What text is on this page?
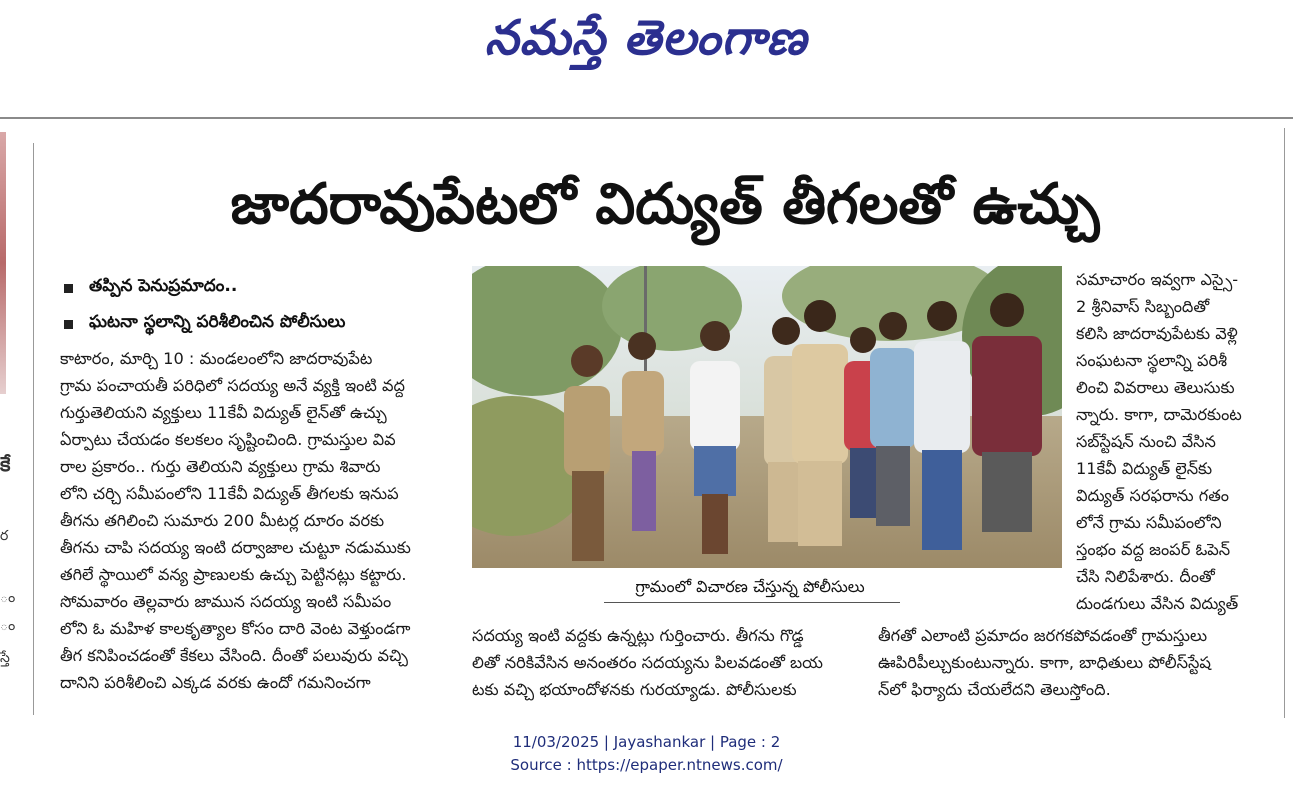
నమస్తే తెలంగాణ
కే
ర
ం
ం
స్తే
జాదరావుపేటలో విద్యుత్ తీగలతో ఉచ్చు
తప్పిన పెనుప్రమాదం..
ఘటనా స్థలాన్ని పరిశీలించిన పోలీసులు
కాటారం, మార్చి 10 : మండలంలోని జాదరావుపేట
గ్రామ పంచాయతీ పరిధిలో సదయ్య అనే వ్యక్తి ఇంటి వద్ద
గుర్తుతెలియని వ్యక్తులు 11కేవీ విద్యుత్ లైన్‌తో ఉచ్చు
ఏర్పాటు చేయడం కలకలం సృష్టించింది. గ్రామస్తుల వివ
రాల ప్రకారం.. గుర్తు తెలియని వ్యక్తులు గ్రామ శివారు
లోని చర్చి సమీపంలోని 11కేవీ విద్యుత్ తీగలకు ఇనుప
తీగను తగిలించి సుమారు 200 మీటర్ల దూరం వరకు
తీగను చాపి సదయ్య ఇంటి దర్వాజాల చుట్టూ నడుముకు
తగిలే స్థాయిలో వన్య ప్రాణులకు ఉచ్చు పెట్టినట్లు కట్టారు.
సోమవారం తెల్లవారు జామున సదయ్య ఇంటి సమీపం
లోని ఓ మహిళ కాలకృత్యాల కోసం దారి వెంట వెళ్తుండగా
తీగ కనిపించడంతో కేకలు వేసింది. దీంతో పలువురు వచ్చి
దానిని పరిశీలించి ఎక్కడ వరకు ఉందో గమనించగా
గ్రామంలో విచారణ చేస్తున్న పోలీసులు
సదయ్య ఇంటి వద్దకు ఉన్నట్లు గుర్తించారు. తీగను గొడ్డ
లితో నరికివేసిన అనంతరం సదయ్యను పిలవడంతో బయ
టకు వచ్చి భయాందోళనకు గురయ్యాడు. పోలీసులకు
సమాచారం ఇవ్వగా ఎస్సై-
2 శ్రీనివాస్ సిబ్బందితో
కలిసి జాదరావుపేటకు వెళ్లి
సంఘటనా స్థలాన్ని పరిశీ
లించి వివరాలు తెలుసుకు
న్నారు. కాగా, దామెరకుంట
సబ్‌స్టేషన్ నుంచి వేసిన
11కేవీ విద్యుత్ లైన్‌కు
విద్యుత్ సరఫరాను గతం
లోనే గ్రామ సమీపంలోని
స్తంభం వద్ద జంపర్ ఓపెన్
చేసి నిలిపేశారు. దీంతో
దుండగులు వేసిన విద్యుత్
తీగతో ఎలాంటి ప్రమాదం జరగకపోవడంతో గ్రామస్తులు
ఊపిరిపీల్చుకుంటున్నారు. కాగా, బాధితులు పోలీస్‌స్టేష
న్‌లో ఫిర్యాదు చేయలేదని తెలుస్తోంది.
11/03/2025 | Jayashankar | Page : 2
Source : https://epaper.ntnews.com/
